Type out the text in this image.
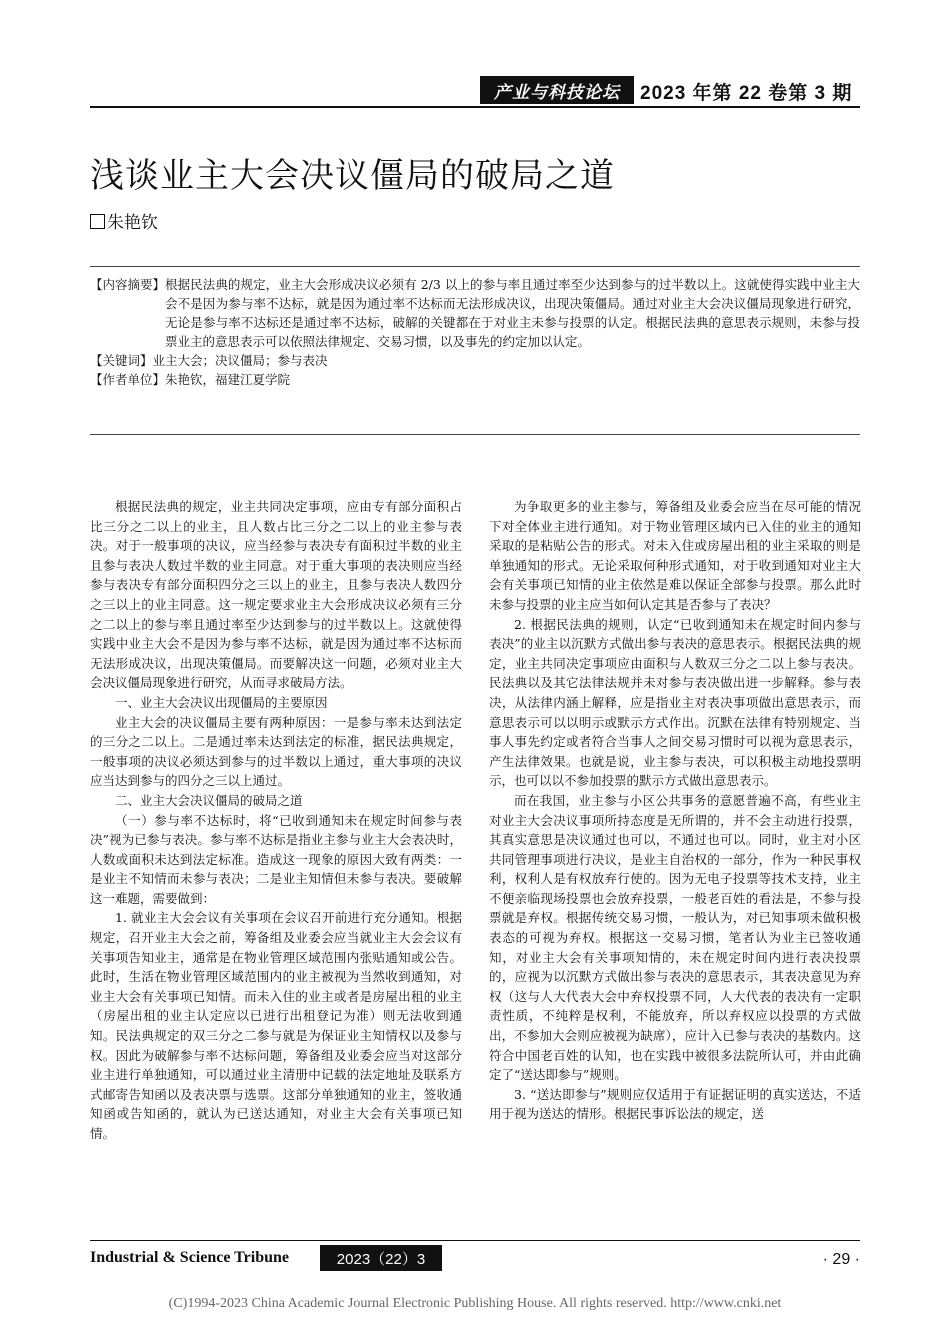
产业与科技论坛	2023 年第 22 卷第 3 期
浅谈业主大会决议僵局的破局之道
朱艳钦
【内容摘要】 根据民法典的规定，业主大会形成决议必须有 2/3 以上的参与率且通过率至少达到参与的过半数以上。这就使得实践中业主大会不是因为参与率不达标，就是因为通过率不达标而无法形成决议，出现决策僵局。通过对业主大会决议僵局现象进行研究，无论是参与率不达标还是通过率不达标，破解的关键都在于对业主未参与投票的认定。根据民法典的意思表示规则，未参与投票业主的意思表示可以依照法律规定、交易习惯，以及事先的约定加以认定。
【关键词】 业主大会；决议僵局；参与表决
【作者单位】 朱艳钦，福建江夏学院

根据民法典的规定，业主共同决定事项，应由专有部分面积占比三分之二以上的业主，且人数占比三分之二以上的业主参与表决。对于一般事项的决议，应当经参与表决专有面积过半数的业主且参与表决人数过半数的业主同意。对于重大事项的表决则应当经参与表决专有部分面积四分之三以上的业主，且参与表决人数四分之三以上的业主同意。这一规定要求业主大会形成决议必须有三分之二以上的参与率且通过率至少达到参与的过半数以上。这就使得实践中业主大会不是因为参与率不达标，就是因为通过率不达标而无法形成决议，出现决策僵局。而要解决这一问题，必须对业主大会决议僵局现象进行研究，从而寻求破局方法。

一、业主大会决议出现僵局的主要原因

业主大会的决议僵局主要有两种原因：一是参与率未达到法定的三分之二以上。二是通过率未达到法定的标准，据民法典规定，一般事项的决议必须达到参与的过半数以上通过，重大事项的决议应当达到参与的四分之三以上通过。

二、业主大会决议僵局的破局之道

（一）参与率不达标时，将“已收到通知未在规定时间参与表决”视为已参与表决。参与率不达标是指业主参与业主大会表决时，人数或面积未达到法定标准。造成这一现象的原因大致有两类：一是业主不知情而未参与表决；二是业主知情但未参与表决。要破解这一难题，需要做到：

1. 就业主大会会议有关事项在会议召开前进行充分通知。根据规定，召开业主大会之前，筹备组及业委会应当就业主大会会议有关事项告知业主，通常是在物业管理区域范围内张贴通知或公告。此时，生活在物业管理区域范围内的业主被视为当然收到通知，对业主大会有关事项已知情。而未入住的业主或者是房屋出租的业主（房屋出租的业主认定应以已进行出租登记为准）则无法收到通知。民法典规定的双三分之二参与就是为保证业主知情权以及参与权。因此为破解参与率不达标问题，筹备组及业委会应当对这部分业主进行单独通知，可以通过业主清册中记载的法定地址及联系方式邮寄告知函以及表决票与选票。这部分单独通知的业主，签收通知函或告知函的，就认为已送达通知，对业主大会有关事项已知情。

为争取更多的业主参与，筹备组及业委会应当在尽可能的情况下对全体业主进行通知。对于物业管理区域内已入住的业主的通知采取的是粘贴公告的形式。对未入住或房屋出租的业主采取的则是单独通知的形式。无论采取何种形式通知，对于收到通知对业主大会有关事项已知情的业主依然是难以保证全部参与投票。那么此时未参与投票的业主应当如何认定其是否参与了表决？

2. 根据民法典的规则，认定“已收到通知未在规定时间内参与表决”的业主以沉默方式做出参与表决的意思表示。根据民法典的规定，业主共同决定事项应由面积与人数双三分之二以上参与表决。民法典以及其它法律法规并未对参与表决做出进一步解释。参与表决，从法律内涵上解释，应是指业主对表决事项做出意思表示，而意思表示可以以明示或默示方式作出。沉默在法律有特别规定、当事人事先约定或者符合当事人之间交易习惯时可以视为意思表示，产生法律效果。也就是说，业主参与表决，可以积极主动地投票明示，也可以以不参加投票的默示方式做出意思表示。

而在我国，业主参与小区公共事务的意愿普遍不高，有些业主对业主大会决议事项所持态度是无所谓的，并不会主动进行投票，其真实意思是决议通过也可以，不通过也可以。同时，业主对小区共同管理事项进行决议，是业主自治权的一部分，作为一种民事权利，权利人是有权放弃行使的。因为无电子投票等技术支持，业主不便亲临现场投票也会放弃投票，一般老百姓的看法是，不参与投票就是弃权。根据传统交易习惯，一般认为，对已知事项未做积极表态的可视为弃权。根据这一交易习惯，笔者认为业主已签收通知，对业主大会有关事项知情的，未在规定时间内进行表决投票的，应视为以沉默方式做出参与表决的意思表示，其表决意见为弃权（这与人大代表大会中弃权投票不同，人大代表的表决有一定职责性质，不纯粹是权利，不能放弃，所以弃权应以投票的方式做出，不参加大会则应被视为缺席），应计入已参与表决的基数内。这符合中国老百姓的认知，也在实践中被很多法院所认可，并由此确定了“送达即参与”规则。

3. “送达即参与”规则应仅适用于有证据证明的真实送达，不适用于视为送达的情形。根据民事诉讼法的规定，送

Industrial & Science Tribune	2023（22）3	· 29 ·
(C)1994-2023 China Academic Journal Electronic Publishing House. All rights reserved. http://www.cnki.net
